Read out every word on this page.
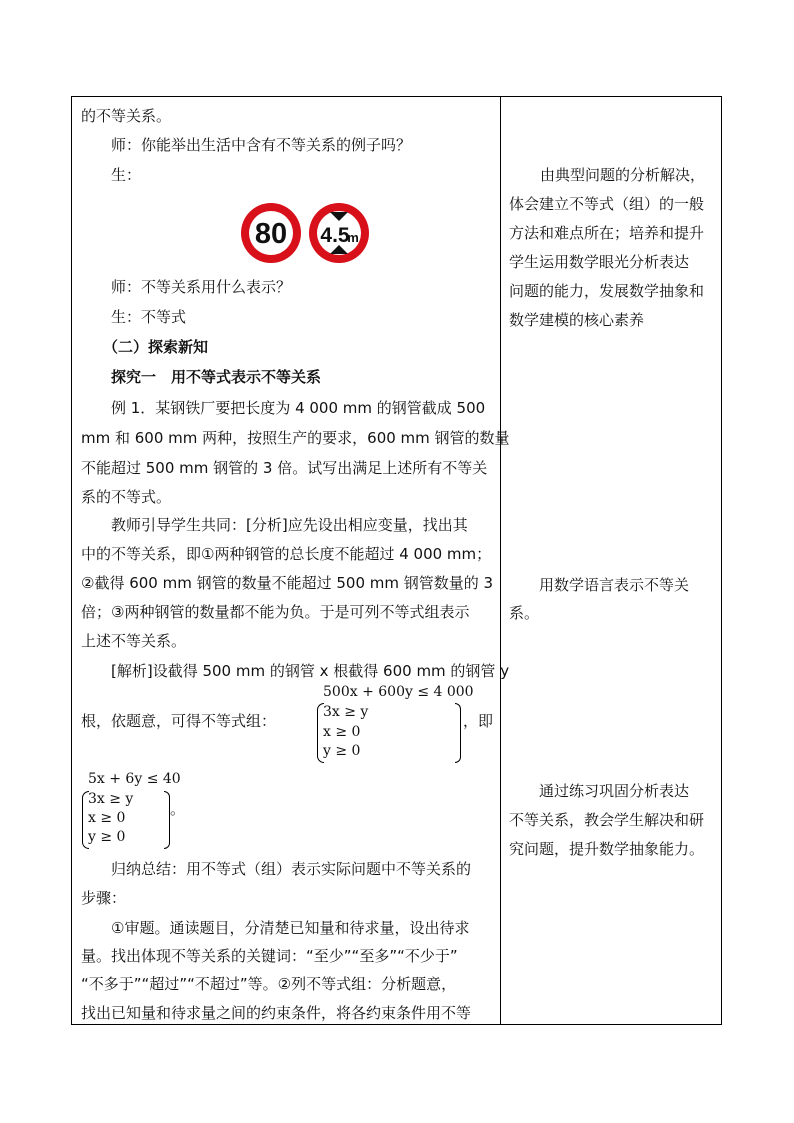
的不等关系。
师：你能举出生活中含有不等关系的例子吗？
生：
80 4.5
m
师：不等关系用什么表示？
生：不等式
（二）探索新知
探究一　用不等式表示不等关系
例 1．某钢铁厂要把长度为 4 000 mm 的钢管截成 500
mm 和 600 mm 两种，按照生产的要求，600 mm 钢管的数量
不能超过 500 mm 钢管的 3 倍。试写出满足上述所有不等关
系的不等式。
教师引导学生共同：[分析]应先设出相应变量，找出其
中的不等关系，即①两种钢管的总长度不能超过 4 000 mm；
②截得 600 mm 钢管的数量不能超过 500 mm 钢管数量的 3
倍；③两种钢管的数量都不能为负。于是可列不等式组表示
上述不等关系。
[解析]设截得 500 mm 的钢管 x 根截得 600 mm 的钢管 y
根，依题意，可得不等式组：
500x + 600y ≤ 4 000
3x ≥ y
x ≥ 0
y ≥ 0
，即
5x + 6y ≤ 40
3x ≥ y
x ≥ 0
y ≥ 0
。
归纳总结：用不等式（组）表示实际问题中不等关系的
步骤：
①审题。通读题目，分清楚已知量和待求量，设出待求
量。找出体现不等关系的关键词：“至少”“至多”“不少于”
“不多于”“超过”“不超过”等。②列不等式组：分析题意，
找出已知量和待求量之间的约束条件，将各约束条件用不等
由典型问题的分析解决，
体会建立不等式（组）的一般
方法和难点所在；培养和提升
学生运用数学眼光分析表达
问题的能力，发展数学抽象和
数学建模的核心素养
用数学语言表示不等关
系。
通过练习巩固分析表达
不等关系，教会学生解决和研
究问题，提升数学抽象能力。
